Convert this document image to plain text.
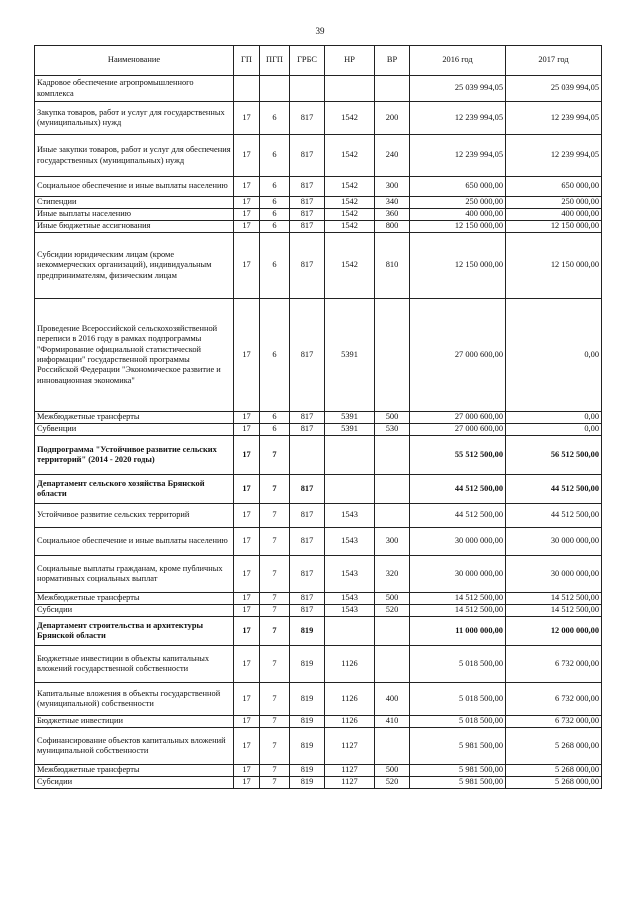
39
Наименование	ГП	ПГП	ГРБС	НР	ВР	2016 год	2017 год
Кадровое обеспечение агропромышленного комплекса						25 039 994,05	25 039 994,05
Закупка товаров, работ и услуг для государственных (муниципальных) нужд	17	6	817	1542	200	12 239 994,05	12 239 994,05
Иные закупки товаров, работ и услуг для обеспечения государственных (муниципальных) нужд	17	6	817	1542	240	12 239 994,05	12 239 994,05
Социальное обеспечение и иные выплаты населению	17	6	817	1542	300	650 000,00	650 000,00
Стипендии	17	6	817	1542	340	250 000,00	250 000,00
Иные выплаты населению	17	6	817	1542	360	400 000,00	400 000,00
Иные бюджетные ассигнования	17	6	817	1542	800	12 150 000,00	12 150 000,00
Субсидии юридическим лицам (кроме некоммерческих организаций), индивидуальным предпринимателям, физическим лицам	17	6	817	1542	810	12 150 000,00	12 150 000,00
Проведение Всероссийской сельскохозяйственной переписи в 2016 году в рамках подпрограммы "Формирование официальной статистической информации" государственной программы Российской Федерации "Экономическое развитие и инновационная экономика"	17	6	817	5391		27 000 600,00	0,00
Межбюджетные трансферты	17	6	817	5391	500	27 000 600,00	0,00
Субвенции	17	6	817	5391	530	27 000 600,00	0,00
Подпрограмма "Устойчивое развитие сельских территорий" (2014 - 2020 годы)	17	7				55 512 500,00	56 512 500,00
Департамент сельского хозяйства Брянской области	17	7	817			44 512 500,00	44 512 500,00
Устойчивое развитие сельских территорий	17	7	817	1543		44 512 500,00	44 512 500,00
Социальное обеспечение и иные выплаты населению	17	7	817	1543	300	30 000 000,00	30 000 000,00
Социальные выплаты гражданам, кроме публичных нормативных социальных выплат	17	7	817	1543	320	30 000 000,00	30 000 000,00
Межбюджетные трансферты	17	7	817	1543	500	14 512 500,00	14 512 500,00
Субсидии	17	7	817	1543	520	14 512 500,00	14 512 500,00
Департамент строительства и архитектуры Брянской области	17	7	819			11 000 000,00	12 000 000,00
Бюджетные инвестиции в объекты капитальных вложений государственной собственности	17	7	819	1126		5 018 500,00	6 732 000,00
Капитальные вложения в объекты государственной (муниципальной) собственности	17	7	819	1126	400	5 018 500,00	6 732 000,00
Бюджетные инвестиции	17	7	819	1126	410	5 018 500,00	6 732 000,00
Софинансирование объектов капитальных вложений муниципальной собственности	17	7	819	1127		5 981 500,00	5 268 000,00
Межбюджетные трансферты	17	7	819	1127	500	5 981 500,00	5 268 000,00
Субсидии	17	7	819	1127	520	5 981 500,00	5 268 000,00
